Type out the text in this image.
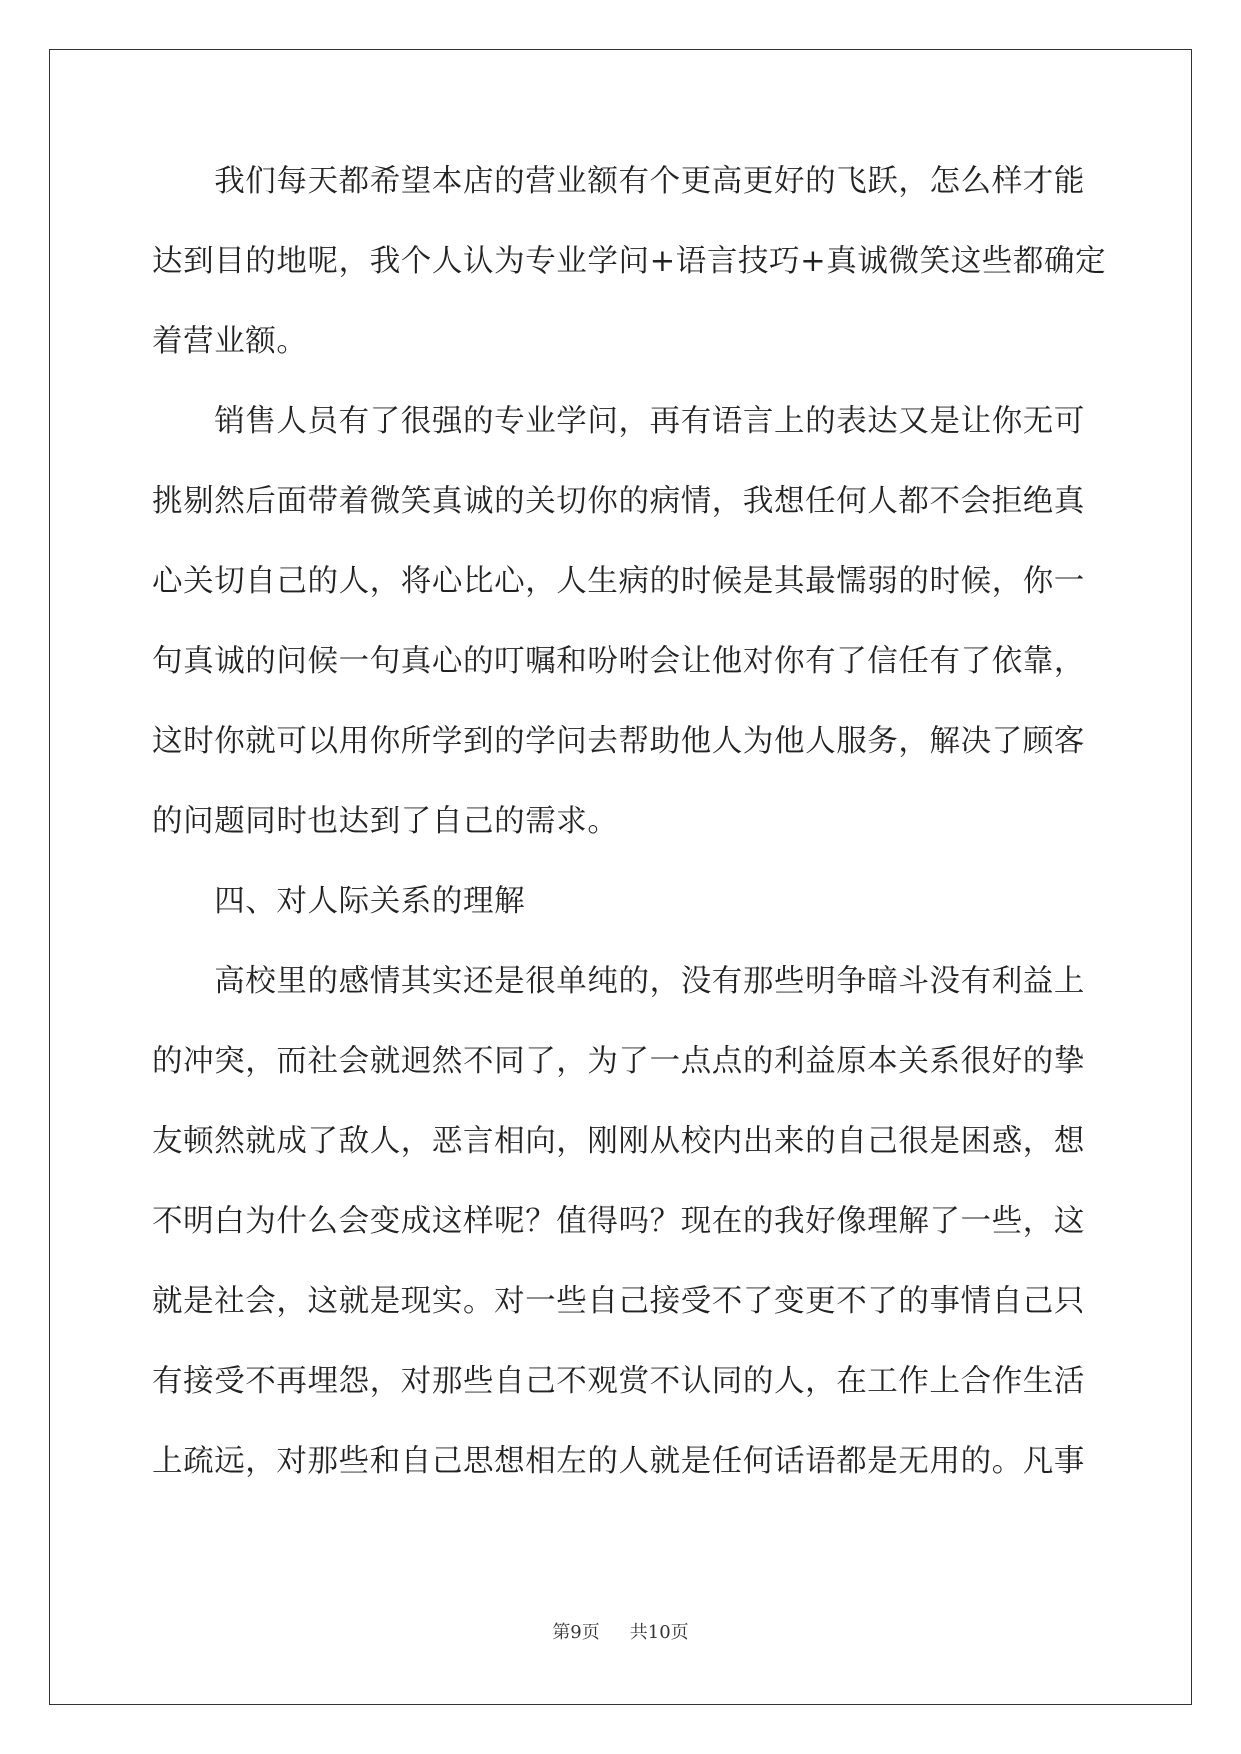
　　我们每天都希望本店的营业额有个更高更好的飞跃，怎么样才能
达到目的地呢，我个人认为专业学问+语言技巧+真诚微笑这些都确定
着营业额。
　　销售人员有了很强的专业学问，再有语言上的表达又是让你无可
挑剔然后面带着微笑真诚的关切你的病情，我想任何人都不会拒绝真
心关切自己的人，将心比心，人生病的时候是其最懦弱的时候，你一
句真诚的问候一句真心的叮嘱和吩咐会让他对你有了信任有了依靠，
这时你就可以用你所学到的学问去帮助他人为他人服务，解决了顾客
的问题同时也达到了自己的需求。
　　四、对人际关系的理解
　　高校里的感情其实还是很单纯的，没有那些明争暗斗没有利益上
的冲突，而社会就迥然不同了，为了一点点的利益原本关系很好的挚
友顿然就成了敌人，恶言相向，刚刚从校内出来的自己很是困惑，想
不明白为什么会变成这样呢？值得吗？现在的我好像理解了一些，这
就是社会，这就是现实。对一些自己接受不了变更不了的事情自己只
有接受不再埋怨，对那些自己不观赏不认同的人，在工作上合作生活
上疏远，对那些和自己思想相左的人就是任何话语都是无用的。凡事
第9页 共10页
